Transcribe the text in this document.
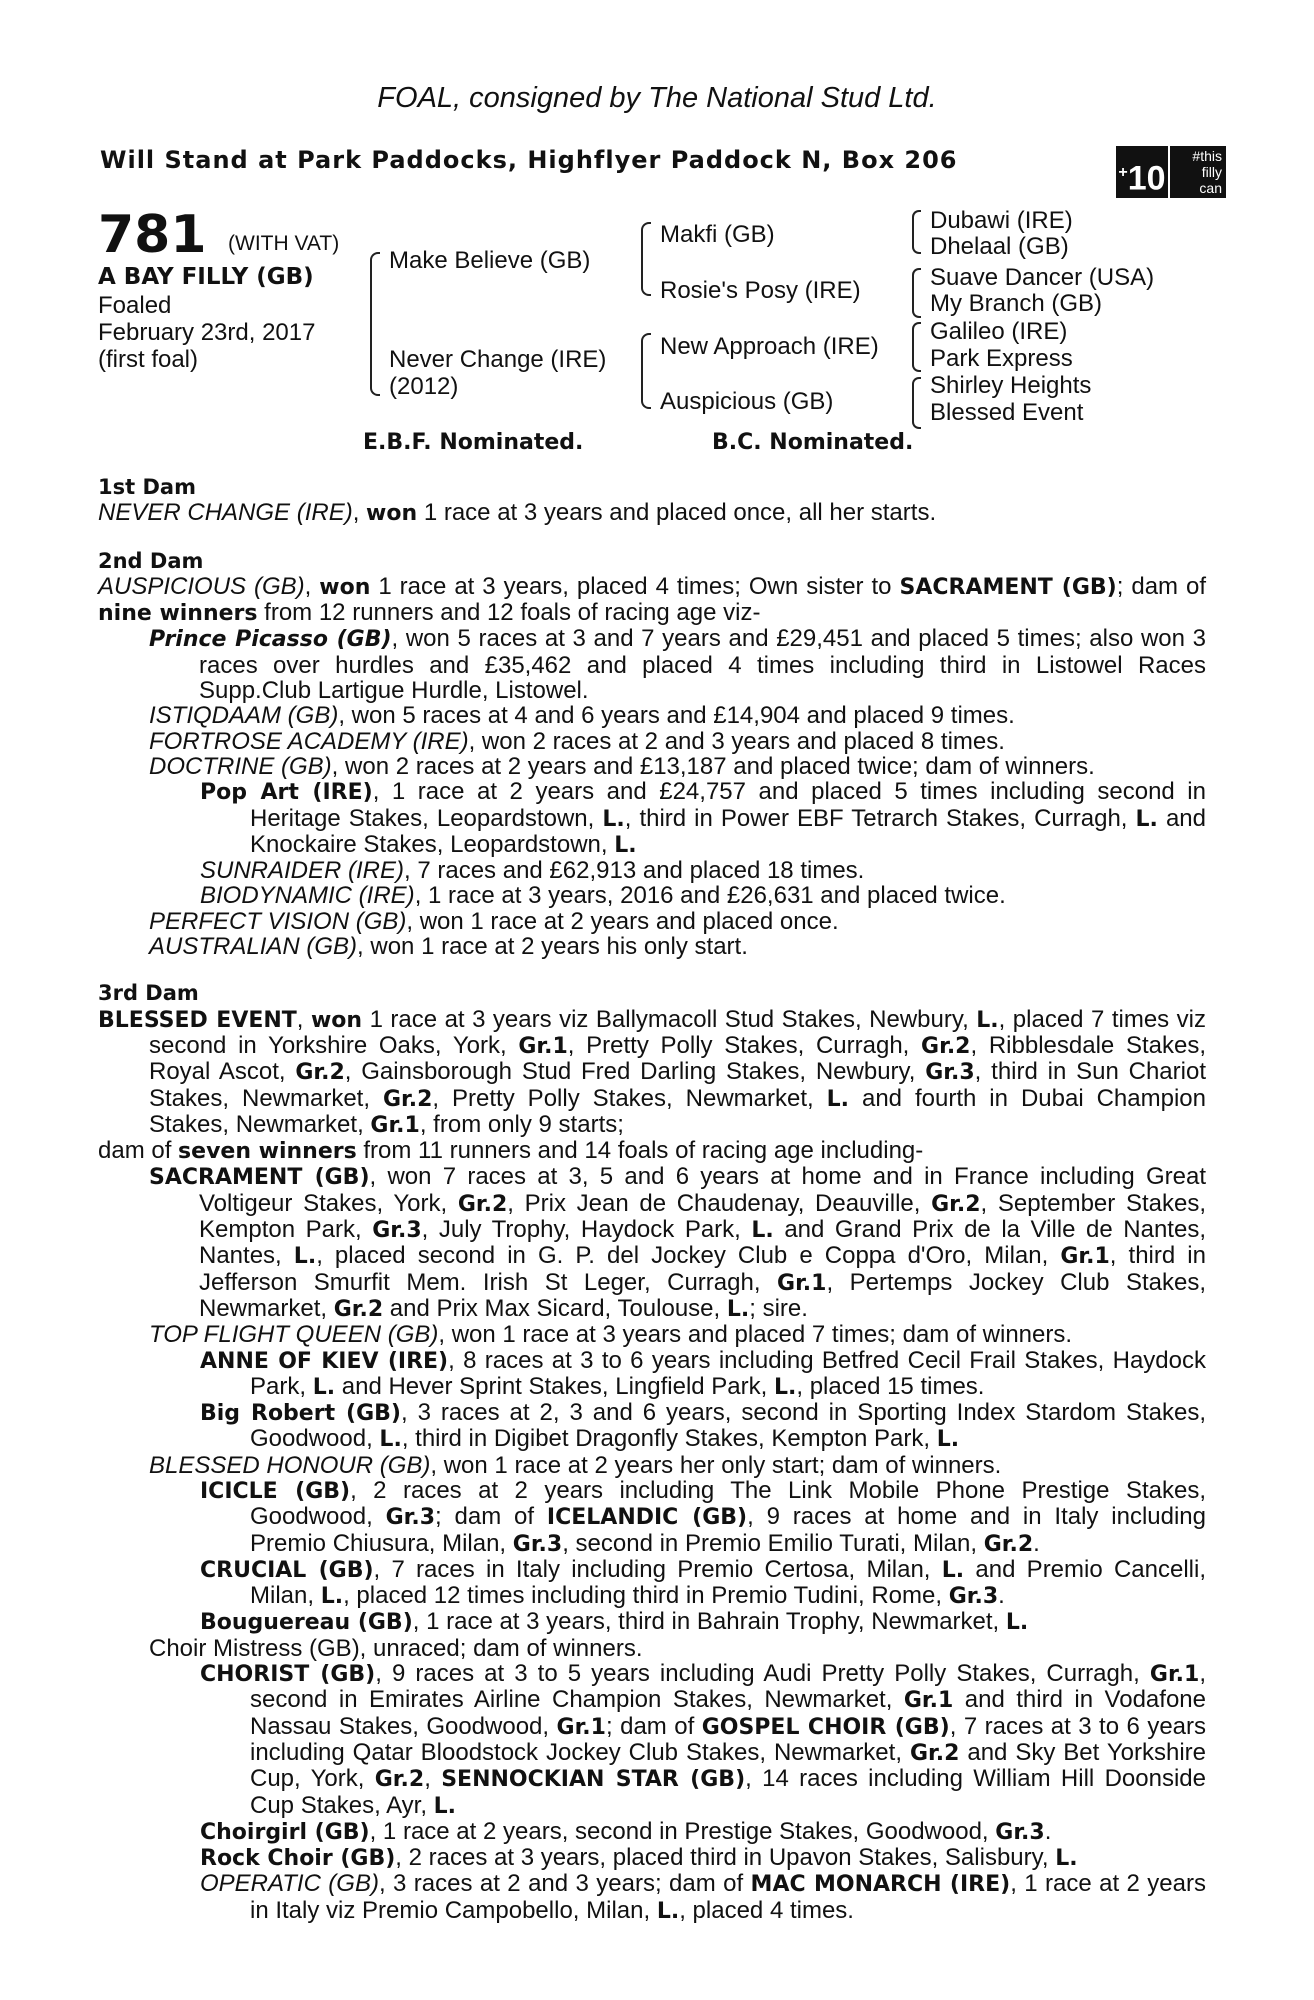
FOAL, consigned by The National Stud Ltd.
Will Stand at Park Paddocks, Highflyer Paddock N, Box 206	+10
#this
filly
can
781 (WITH VAT)
A BAY FILLY (GB)
Foaled
February 23rd, 2017
(first foal)
Make Believe (GB)
Never Change (IRE)
(2012)
Makfi (GB)
Rosie's Posy (IRE)
New Approach (IRE)
Auspicious (GB)
Dubawi (IRE)
Dhelaal (GB)
Suave Dancer (USA)
My Branch (GB)
Galileo (IRE)
Park Express
Shirley Heights
Blessed Event
E.B.F. Nominated.	B.C. Nominated.

1st Dam

NEVER CHANGE (IRE), won 1 race at 3 years and placed once, all her starts.

2nd Dam

AUSPICIOUS (GB), won 1 race at 3 years, placed 4 times; Own sister to SACRAMENT (GB); dam of nine winners from 12 runners and 12 foals of racing age viz-

Prince Picasso (GB), won 5 races at 3 and 7 years and £29,451 and placed 5 times; also won 3 races over hurdles and £35,462 and placed 4 times including third in Listowel Races Supp.Club Lartigue Hurdle, Listowel.

ISTIQDAAM (GB), won 5 races at 4 and 6 years and £14,904 and placed 9 times.

FORTROSE ACADEMY (IRE), won 2 races at 2 and 3 years and placed 8 times.

DOCTRINE (GB), won 2 races at 2 years and £13,187 and placed twice; dam of winners.

Pop Art (IRE), 1 race at 2 years and £24,757 and placed 5 times including second in Heritage Stakes, Leopardstown, L., third in Power EBF Tetrarch Stakes, Curragh, L. and Knockaire Stakes, Leopardstown, L.

SUNRAIDER (IRE), 7 races and £62,913 and placed 18 times.

BIODYNAMIC (IRE), 1 race at 3 years, 2016 and £26,631 and placed twice.

PERFECT VISION (GB), won 1 race at 2 years and placed once.

AUSTRALIAN (GB), won 1 race at 2 years his only start.

3rd Dam

BLESSED EVENT, won 1 race at 3 years viz Ballymacoll Stud Stakes, Newbury, L., placed 7 times viz second in Yorkshire Oaks, York, Gr.1, Pretty Polly Stakes, Curragh, Gr.2, Ribblesdale Stakes, Royal Ascot, Gr.2, Gainsborough Stud Fred Darling Stakes, Newbury, Gr.3, third in Sun Chariot Stakes, Newmarket, Gr.2, Pretty Polly Stakes, Newmarket, L. and fourth in Dubai Champion Stakes, Newmarket, Gr.1, from only 9 starts;

dam of seven winners from 11 runners and 14 foals of racing age including-

SACRAMENT (GB), won 7 races at 3, 5 and 6 years at home and in France including Great Voltigeur Stakes, York, Gr.2, Prix Jean de Chaudenay, Deauville, Gr.2, September Stakes, Kempton Park, Gr.3, July Trophy, Haydock Park, L. and Grand Prix de la Ville de Nantes, Nantes, L., placed second in G. P. del Jockey Club e Coppa d'Oro, Milan, Gr.1, third in Jefferson Smurfit Mem. Irish St Leger, Curragh, Gr.1, Pertemps Jockey Club Stakes, Newmarket, Gr.2 and Prix Max Sicard, Toulouse, L.; sire.

TOP FLIGHT QUEEN (GB), won 1 race at 3 years and placed 7 times; dam of winners.

ANNE OF KIEV (IRE), 8 races at 3 to 6 years including Betfred Cecil Frail Stakes, Haydock Park, L. and Hever Sprint Stakes, Lingfield Park, L., placed 15 times.

Big Robert (GB), 3 races at 2, 3 and 6 years, second in Sporting Index Stardom Stakes, Goodwood, L., third in Digibet Dragonfly Stakes, Kempton Park, L.

BLESSED HONOUR (GB), won 1 race at 2 years her only start; dam of winners.

ICICLE (GB), 2 races at 2 years including The Link Mobile Phone Prestige Stakes, Goodwood, Gr.3; dam of ICELANDIC (GB), 9 races at home and in Italy including Premio Chiusura, Milan, Gr.3, second in Premio Emilio Turati, Milan, Gr.2.

CRUCIAL (GB), 7 races in Italy including Premio Certosa, Milan, L. and Premio Cancelli, Milan, L., placed 12 times including third in Premio Tudini, Rome, Gr.3.

Bouguereau (GB), 1 race at 3 years, third in Bahrain Trophy, Newmarket, L.

Choir Mistress (GB), unraced; dam of winners.

CHORIST (GB), 9 races at 3 to 5 years including Audi Pretty Polly Stakes, Curragh, Gr.1, second in Emirates Airline Champion Stakes, Newmarket, Gr.1 and third in Vodafone Nassau Stakes, Goodwood, Gr.1; dam of GOSPEL CHOIR (GB), 7 races at 3 to 6 years including Qatar Bloodstock Jockey Club Stakes, Newmarket, Gr.2 and Sky Bet Yorkshire Cup, York, Gr.2, SENNOCKIAN STAR (GB), 14 races including William Hill Doonside Cup Stakes, Ayr, L.

Choirgirl (GB), 1 race at 2 years, second in Prestige Stakes, Goodwood, Gr.3.

Rock Choir (GB), 2 races at 3 years, placed third in Upavon Stakes, Salisbury, L.

OPERATIC (GB), 3 races at 2 and 3 years; dam of MAC MONARCH (IRE), 1 race at 2 years in Italy viz Premio Campobello, Milan, L., placed 4 times.
